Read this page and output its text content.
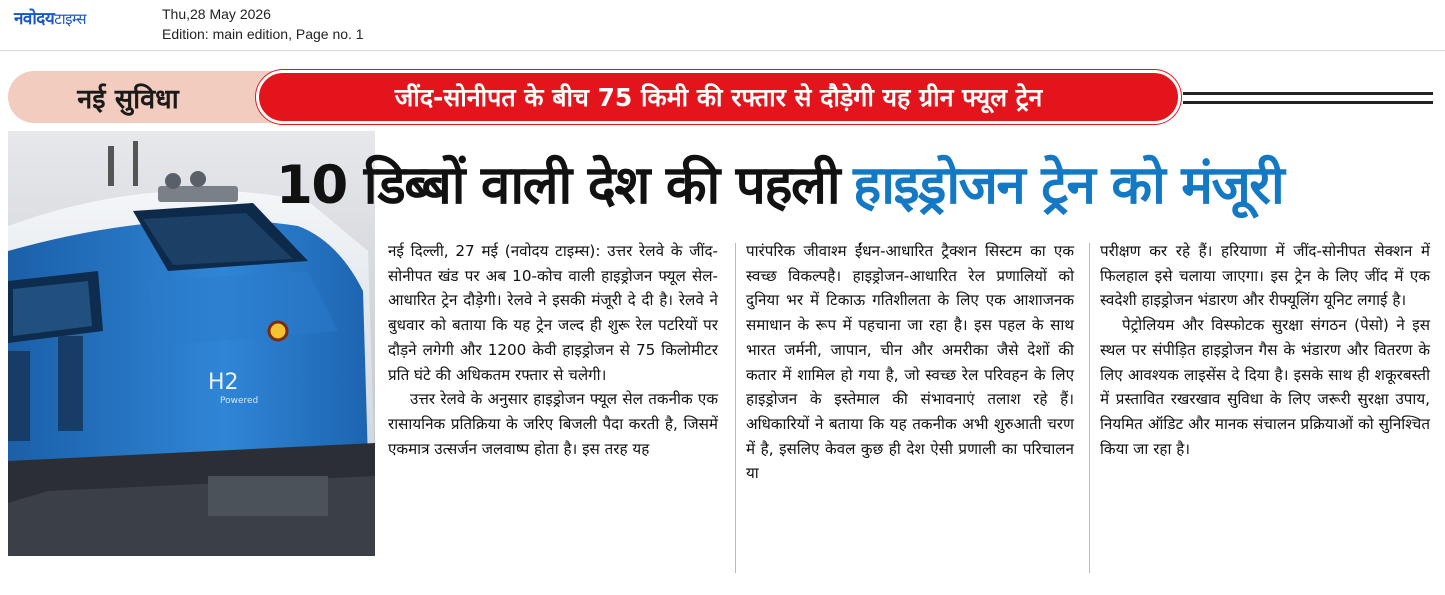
नवोदयटाइम्स	Thu,28 May 2026
Edition: main edition, Page no. 1
नई सुविधा	जींद-सोनीपत के बीच 75 किमी की रफ्तार से दौड़ेगी यह ग्रीन फ्यूल ट्रेन
H2
Powered
10 डिब्बों वाली देश की पहली हाइड्रोजन ट्रेन को मंजूरी

नई दिल्ली, 27 मई (नवोदय टाइम्स): उत्तर रेलवे के जींद-सोनीपत खंड पर अब 10-कोच वाली हाइड्रोजन फ्यूल सेल-आधारित ट्रेन दौड़ेगी। रेलवे ने इसकी मंजूरी दे दी है। रेलवे ने बुधवार को बताया कि यह ट्रेन जल्द ही शुरू रेल पटरियों पर दौड़ने लगेगी और 1200 केवी हाइड्रोजन से 75 किलोमीटर प्रति घंटे की अधिकतम रफ्तार से चलेगी।

उत्तर रेलवे के अनुसार हाइड्रोजन फ्यूल सेल तकनीक एक रासायनिक प्रतिक्रिया के जरिए बिजली पैदा करती है, जिसमें एकमात्र उत्सर्जन जलवाष्प होता है। इस तरह यह

पारंपरिक जीवाश्म ईंधन-आधारित ट्रैक्शन सिस्टम का एक स्वच्छ विकल्पहै। हाइड्रोजन-आधारित रेल प्रणालियों को दुनिया भर में टिकाऊ गतिशीलता के लिए एक आशाजनक समाधान के रूप में पहचाना जा रहा है। इस पहल के साथ भारत जर्मनी, जापान, चीन और अमरीका जैसे देशों की कतार में शामिल हो गया है, जो स्वच्छ रेल परिवहन के लिए हाइड्रोजन के इस्तेमाल की संभावनाएं तलाश रहे हैं। अधिकारियों ने बताया कि यह तकनीक अभी शुरुआती चरण में है, इसलिए केवल कुछ ही देश ऐसी प्रणाली का परिचालन या

परीक्षण कर रहे हैं। हरियाणा में जींद-सोनीपत सेक्शन में फिलहाल इसे चलाया जाएगा। इस ट्रेन के लिए जींद में एक स्वदेशी हाइड्रोजन भंडारण और रीफ्यूलिंग यूनिट लगाई है।

पेट्रोलियम और विस्फोटक सुरक्षा संगठन (पेसो) ने इस स्थल पर संपीड़ित हाइड्रोजन गैस के भंडारण और वितरण के लिए आवश्यक लाइसेंस दे दिया है। इसके साथ ही शकूरबस्ती में प्रस्तावित रखरखाव सुविधा के लिए जरूरी सुरक्षा उपाय, नियमित ऑडिट और मानक संचालन प्रक्रियाओं को सुनिश्चित किया जा रहा है।
